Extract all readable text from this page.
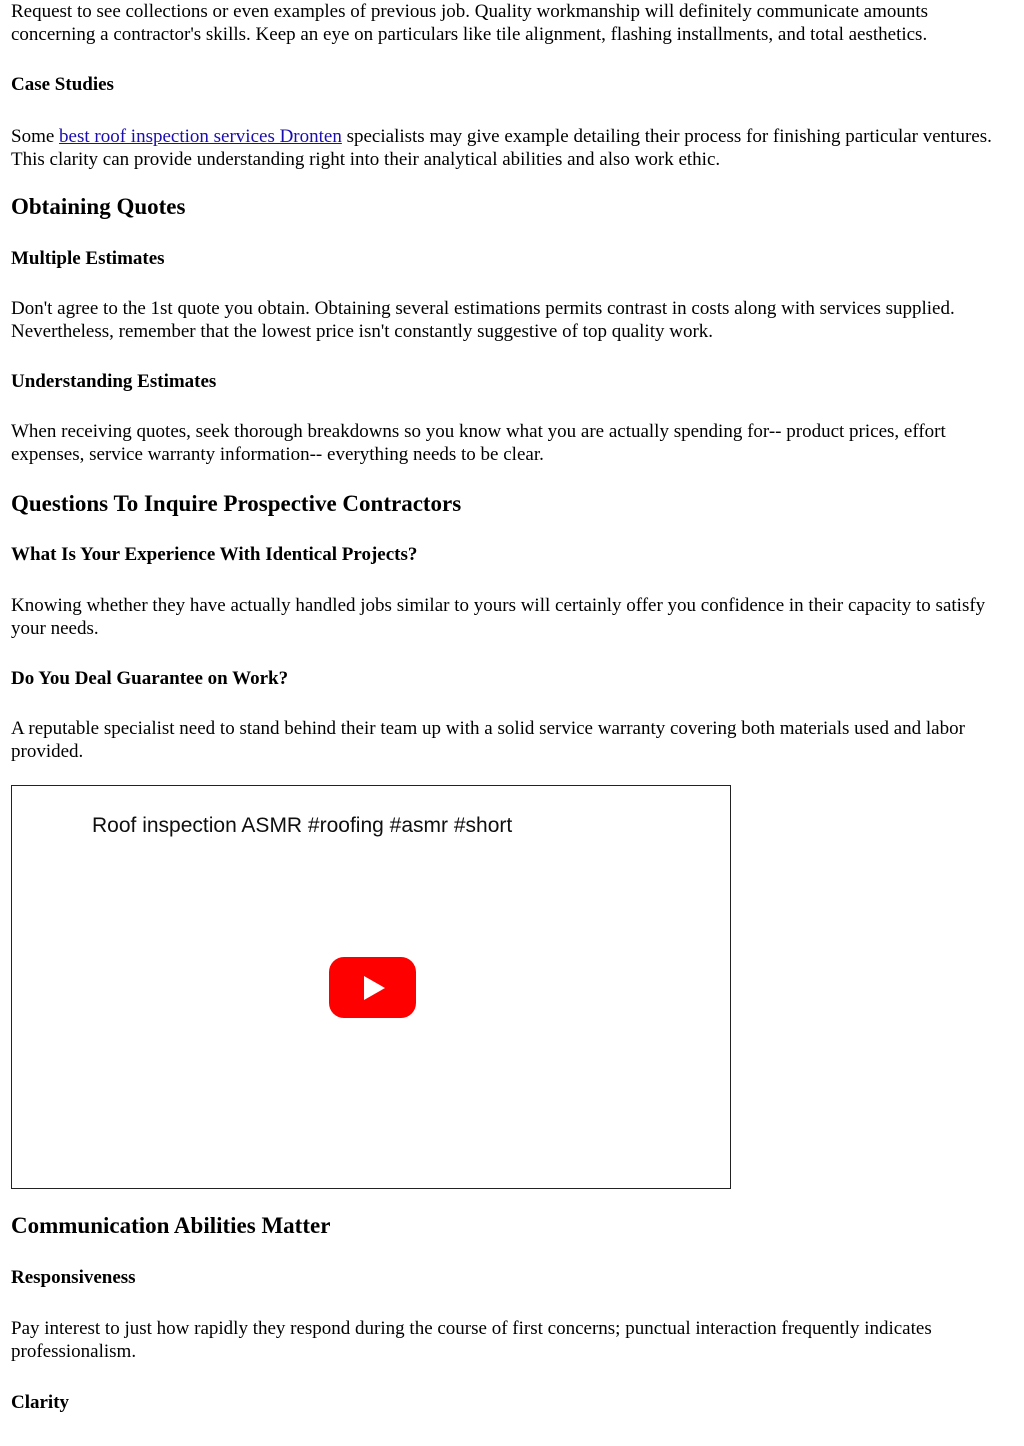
Request to see collections or even examples of previous job. Quality workmanship will definitely communicate amounts concerning a contractor's skills. Keep an eye on particulars like tile alignment, flashing installments, and total aesthetics.

Case Studies

Some best roof inspection services Dronten specialists may give example detailing their process for finishing particular ventures. This clarity can provide understanding right into their analytical abilities and also work ethic.

Obtaining Quotes
Multiple Estimates

Don't agree to the 1st quote you obtain. Obtaining several estimations permits contrast in costs along with services supplied. Nevertheless, remember that the lowest price isn't constantly suggestive of top quality work.

Understanding Estimates

When receiving quotes, seek thorough breakdowns so you know what you are actually spending for-- product prices, effort expenses, service warranty information-- everything needs to be clear.

Questions To Inquire Prospective Contractors
What Is Your Experience With Identical Projects?

Knowing whether they have actually handled jobs similar to yours will certainly offer you confidence in their capacity to satisfy your needs.

Do You Deal Guarantee on Work?

A reputable specialist need to stand behind their team up with a solid service warranty covering both materials used and labor provided.

Roof inspection ASMR #roofing #asmr #short
Communication Abilities Matter
Responsiveness

Pay interest to just how rapidly they respond during the course of first concerns; punctual interaction frequently indicates professionalism.

Clarity
